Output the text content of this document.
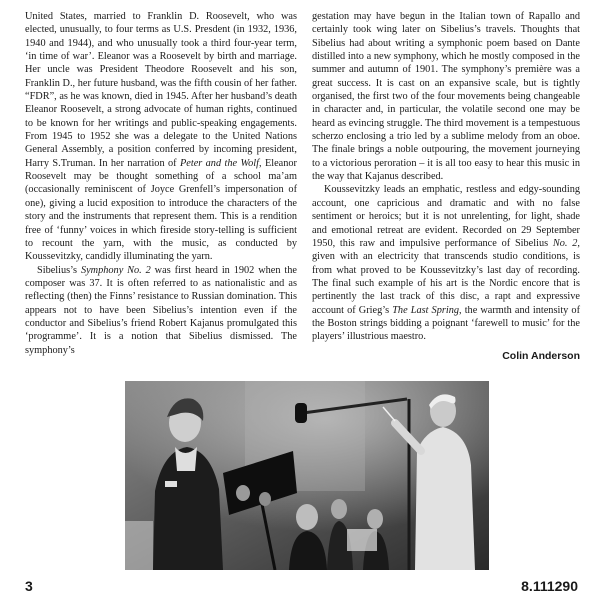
United States, married to Franklin D. Roosevelt, who was elected, unusually, to four terms as U.S. Presdent (in 1932, 1936, 1940 and 1944), and who unusually took a third four-year term, ‘in time of war’. Eleanor was a Roosevelt by birth and marriage. Her uncle was President Theodore Roosevelt and his son, Franklin D., her future husband, was the fifth cousin of her father. “FDR”, as he was known, died in 1945. After her husband’s death Eleanor Roosevelt, a strong advocate of human rights, continued to be known for her writings and public-speaking engagements. From 1945 to 1952 she was a delegate to the United Nations General Assembly, a position conferred by incoming president, Harry S.Truman. In her narration of Peter and the Wolf, Eleanor Roosevelt may be thought something of a school ma’am (occasionally reminiscent of Joyce Grenfell’s impersonation of one), giving a lucid exposition to introduce the characters of the story and the instruments that represent them. This is a rendition free of ‘funny’ voices in which fireside story-telling is sufficient to recount the yarn, with the music, as conducted by Koussevitzky, candidly illuminating the yarn.

Sibelius’s Symphony No. 2 was first heard in 1902 when the composer was 37. It is often referred to as nationalistic and as reflecting (then) the Finns’ resistance to Russian domination. This appears not to have been Sibelius’s intention even if the conductor and Sibelius’s friend Robert Kajanus promulgated this ‘programme’. It is a notion that Sibelius dismissed. The symphony’s

gestation may have begun in the Italian town of Rapallo and certainly took wing later on Sibelius’s travels. Thoughts that Sibelius had about writing a symphonic poem based on Dante distilled into a new symphony, which he mostly composed in the summer and autumn of 1901. The symphony’s première was a great success. It is cast on an expansive scale, but is tightly organised, the first two of the four movements being changeable in character and, in particular, the volatile second one may be heard as evincing struggle. The third movement is a tempestuous scherzo enclosing a trio led by a sublime melody from an oboe. The finale brings a noble outpouring, the movement journeying to a victorious peroration – it is all too easy to hear this music in the way that Kajanus described.

Koussevitzky leads an emphatic, restless and edgy-sounding account, one capricious and dramatic and with no false sentiment or heroics; but it is not unrelenting, for light, shade and emotional retreat are evident. Recorded on 29 September 1950, this raw and impulsive performance of Sibelius No. 2, given with an electricity that transcends studio conditions, is from what proved to be Koussevitzky’s last day of recording. The final such example of his art is the Nordic encore that is pertinently the last track of this disc, a rapt and expressive account of Grieg’s The Last Spring, the warmth and intensity of the Boston strings bidding a poignant ‘farewell to music’ for the players’ illustrious maestro.

Colin Anderson
3	8.111290
